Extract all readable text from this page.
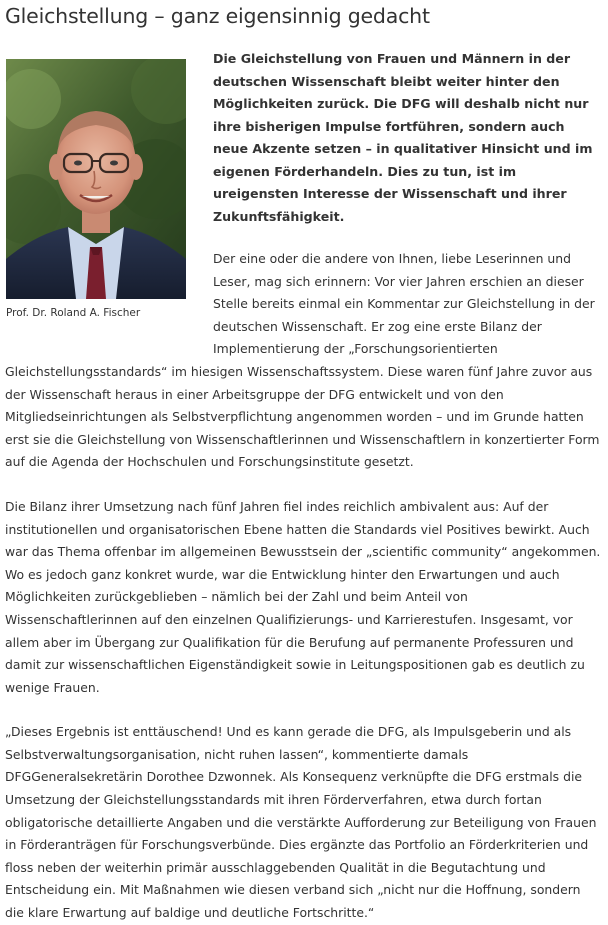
Gleichstellung – ganz eigensinnig gedacht
Prof. Dr. Roland A. Fischer

Die Gleichstellung von Frauen und Männern in der deutschen Wissenschaft bleibt weiter hinter den Möglichkeiten zurück. Die DFG will deshalb nicht nur ihre bisherigen Impulse fortführen, sondern auch neue Akzente setzen – in qualitativer Hinsicht und im eigenen Förderhandeln. Dies zu tun, ist im ureigensten Interesse der Wissenschaft und ihrer Zukunftsfähigkeit.

Der eine oder die andere von Ihnen, liebe Leserinnen und Leser, mag sich erinnern: Vor vier Jahren erschien an dieser Stelle bereits einmal ein Kommentar zur Gleichstellung in der deutschen Wissenschaft. Er zog eine erste Bilanz der Implementierung der „Forschungsorientierten Gleichstellungsstandards“ im hiesigen Wissenschaftssystem. Diese waren fünf Jahre zuvor aus der Wissenschaft heraus in einer Arbeitsgruppe der DFG entwickelt und von den Mitgliedseinrichtungen als Selbstverpflichtung angenommen worden – und im Grunde hatten erst sie die Gleichstellung von Wissenschaftlerinnen und Wissenschaftlern in konzertierter Form auf die Agenda der Hochschulen und Forschungsinstitute gesetzt.

Die Bilanz ihrer Umsetzung nach fünf Jahren fiel indes reichlich ambivalent aus: Auf der institutionellen und organisatorischen Ebene hatten die Standards viel Positives bewirkt. Auch war das Thema offenbar im allgemeinen Bewusstsein der „scientific community“ angekommen. Wo es jedoch ganz konkret wurde, war die Entwicklung hinter den Erwartungen und auch Möglichkeiten zurückgeblieben – nämlich bei der Zahl und beim Anteil von Wissenschaftlerinnen auf den einzelnen Qualifizierungs- und Karrierestufen. Insgesamt, vor allem aber im Übergang zur Qualifikation für die Berufung auf permanente Professuren und damit zur wissenschaftlichen Eigenständigkeit sowie in Leitungspositionen gab es deutlich zu wenige Frauen.

„Dieses Ergebnis ist enttäuschend! Und es kann gerade die DFG, als Impulsgeberin und als Selbstverwaltungsorganisation, nicht ruhen lassen“, kommentierte damals DFGGeneralsekretärin Dorothee Dzwonnek. Als Konsequenz verknüpfte die DFG erstmals die Umsetzung der Gleichstellungsstandards mit ihren Förderverfahren, etwa durch fortan obligatorische detaillierte Angaben und die verstärkte Aufforderung zur Beteiligung von Frauen in Förderanträgen für Forschungsverbünde. Dies ergänzte das Portfolio an Förderkriterien und floss neben der weiterhin primär ausschlaggebenden Qualität in die Begutachtung und Entscheidung ein. Mit Maßnahmen wie diesen verband sich „nicht nur die Hoffnung, sondern die klare Erwartung auf baldige und deutliche Fortschritte.“
